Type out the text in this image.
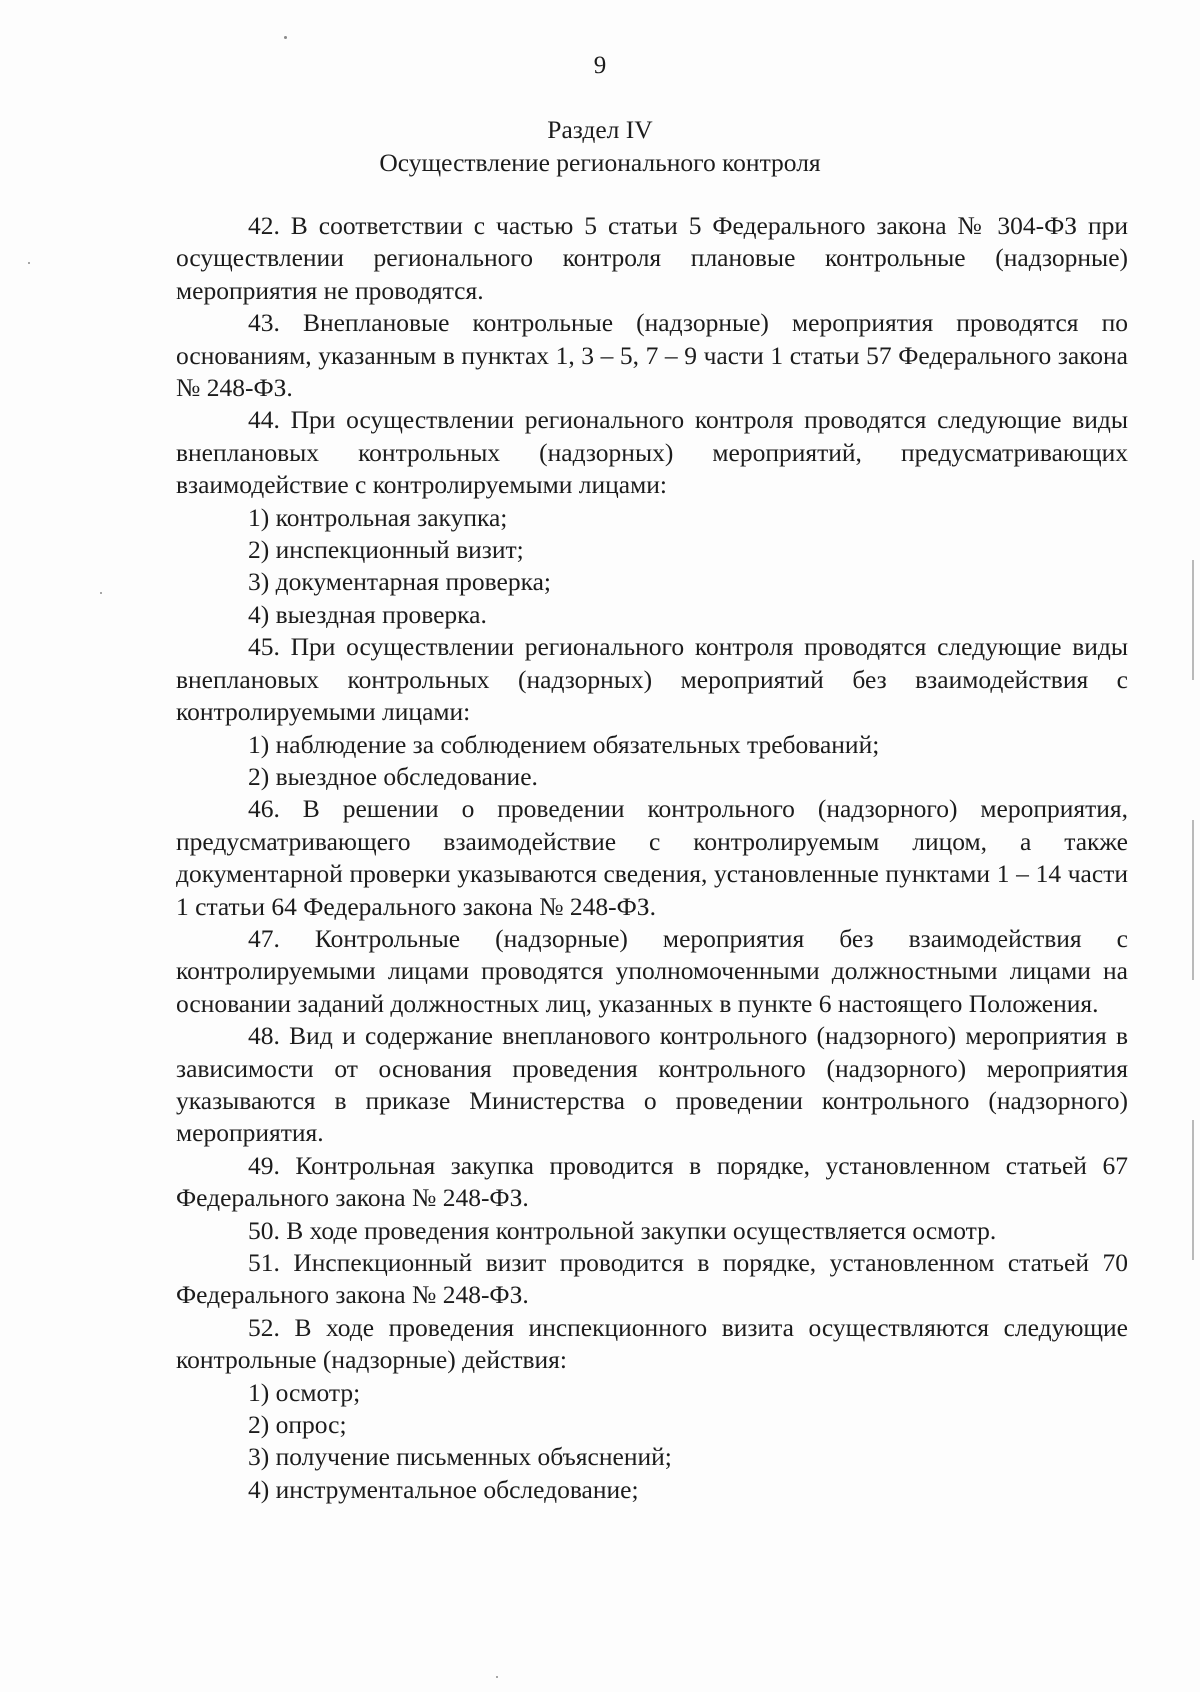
9
Раздел IV
Осуществление регионального контроля

42. В соответствии с частью 5 статьи 5 Федерального закона № 304-ФЗ при осуществлении регионального контроля плановые контрольные (надзорные) мероприятия не проводятся.

43. Внеплановые контрольные (надзорные) мероприятия проводятся по основаниям, указанным в пунктах 1, 3 – 5, 7 – 9 части 1 статьи 57 Федерального закона № 248-ФЗ.

44. При осуществлении регионального контроля проводятся следующие виды внеплановых контрольных (надзорных) мероприятий, предусматривающих взаимодействие с контролируемыми лицами:

1) контрольная закупка;

2) инспекционный визит;

3) документарная проверка;

4) выездная проверка.

45. При осуществлении регионального контроля проводятся следующие виды внеплановых контрольных (надзорных) мероприятий без взаимодействия с контролируемыми лицами:

1) наблюдение за соблюдением обязательных требований;

2) выездное обследование.

46. В решении о проведении контрольного (надзорного) мероприятия, предусматривающего взаимодействие с контролируемым лицом, а также документарной проверки указываются сведения, установленные пунктами 1 – 14 части 1 статьи 64 Федерального закона № 248-ФЗ.

47. Контрольные (надзорные) мероприятия без взаимодействия с контролируемыми лицами проводятся уполномоченными должностными лицами на основании заданий должностных лиц, указанных в пункте 6 настоящего Положения.

48. Вид и содержание внепланового контрольного (надзорного) мероприятия в зависимости от основания проведения контрольного (надзорного) мероприятия указываются в приказе Министерства о проведении контрольного (надзорного) мероприятия.

49. Контрольная закупка проводится в порядке, установленном статьей 67 Федерального закона № 248-ФЗ.

50. В ходе проведения контрольной закупки осуществляется осмотр.

51. Инспекционный визит проводится в порядке, установленном статьей 70 Федерального закона № 248-ФЗ.

52. В ходе проведения инспекционного визита осуществляются следующие контрольные (надзорные) действия:

1) осмотр;

2) опрос;

3) получение письменных объяснений;

4) инструментальное обследование;
